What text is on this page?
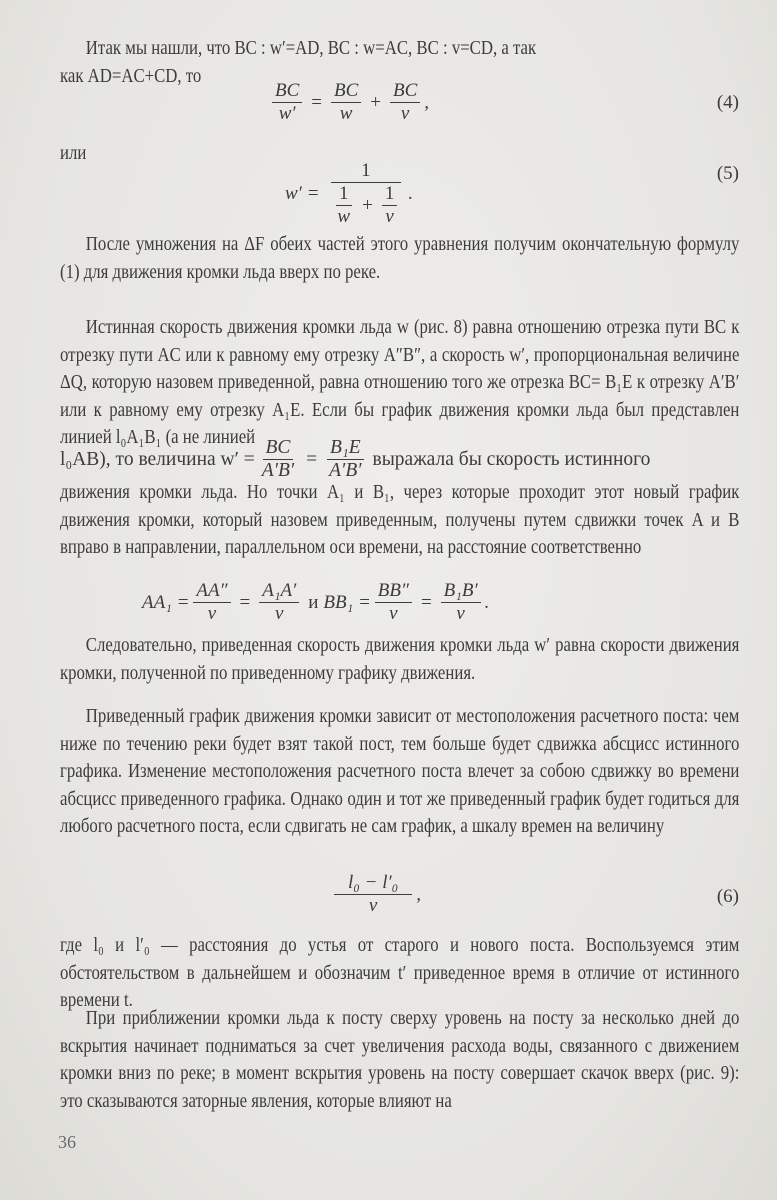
Итак мы нашли, что BC : w′=AD, BC : w=AC, BC : v=CD, а так
как AD=AC+CD, то
$\frac{BC}{w'} = \frac{BC}{w} + \frac{BC}{v}$ ,	(4)
или
$w' = \frac{1}{\frac{1}{w} + \frac{1}{v}}$ .
(5)
После умножения на ΔF обеих частей этого уравнения получим окончательную формулу (1) для движения кромки льда вверх по реке.
Истинная скорость движения кромки льда w (рис. 8) равна отношению отрезка пути BC к отрезку пути AC или к равному ему отрезку A″B″, а скорость w′, пропорциональная величине ΔQ, которую назовем приведенной, равна отношению того же отрезка BC= B₁E к отрезку A′B′ или к равному ему отрезку A₁E. Если бы график движения кромки льда был представлен линией l₀A₁B₁ (а не линией
l₀AB), то величина $w' = \frac{BC}{A'B'} = \frac{\text{B₁E}}{A'B'}$ выражала бы скорость истинного
движения кромки льда. Но точки A₁ и B₁, через которые проходит этот новый график движения кромки, который назовем приведенным, получены путем сдвижки точек A и B вправо в направлении, параллельном оси времени, на расстояние соответственно
$AA_1 = \frac{AA''}{v} = \frac{\text{A₁A′}}{v}$ и $BB_1 = \frac{BB''}{v} = \frac{\text{B₁B′}}{v}$ .
Следовательно, приведенная скорость движения кромки льда w′ равна скорости движения кромки, полученной по приведенному графику движения.
Приведенный график движения кромки зависит от местоположения расчетного поста: чем ниже по течению реки будет взят такой пост, тем больше будет сдвижка абсцисс истинного графика. Изменение местоположения расчетного поста влечет за собою сдвижку во времени абсцисс приведенного графика. Однако один и тот же приведенный график будет годиться для любого расчетного поста, если сдвигать не сам график, а шкалу времен на величину
$\frac{\text{l₀ − l′₀}}{v}$ ,	(6)
где l₀ и l′₀ — расстояния до устья от старого и нового поста. Воспользуемся этим обстоятельством в дальнейшем и обозначим t′ приведенное время в отличие от истинного времени t.
При приближении кромки льда к посту сверху уровень на посту за несколько дней до вскрытия начинает подниматься за счет увеличения расхода воды, связанного с движением кромки вниз по реке; в момент вскрытия уровень на посту совершает скачок вверх (рис. 9): это сказываются заторные явления, которые влияют на
36
